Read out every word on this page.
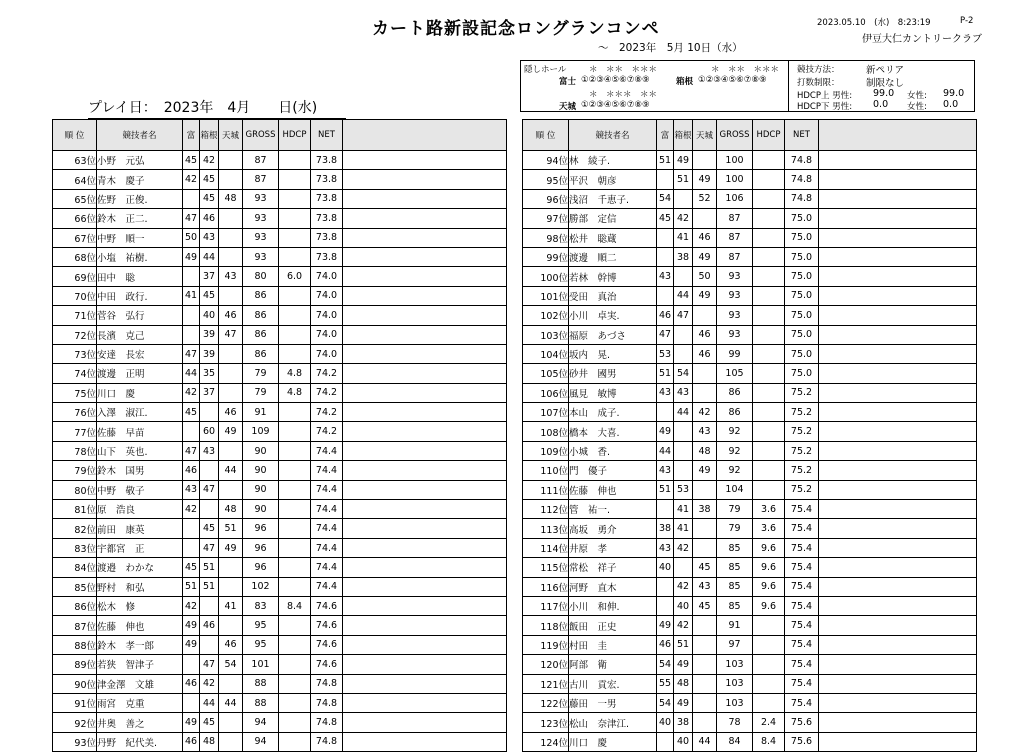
カート路新設記念ロングランコンペ
～　2023年　5月 10日（水）
2023.05.10　(水)　8:23:19	P-2
伊豆大仁カントリークラブ
プレイ日：　2023年　4月　　日(水)
隠しホール	＊　＊＊　＊＊＊	＊　＊＊　＊＊＊
富士 ①②③④⑤⑥⑦⑧⑨	箱根 ①②③④⑤⑥⑦⑧⑨
＊　＊＊＊　＊＊
天城 ①②③④⑤⑥⑦⑧⑨
競技方法：	新ペリア
打数制限：	制限なし
HDCP上 男性: 99.0 女性: 99.0
HDCP下 男性: 0.0 女性: 0.0
順 位	競技者名	富	箱根	天城	GROSS	HDCP	NET	
63位	小野　元弘	45	42		87		73.8	
64位	青木　慶子	42	45		87		73.8	
65位	佐野　正俊.		45	48	93		73.8	
66位	鈴木　正二.	47	46		93		73.8	
67位	中野　順一	50	43		93		73.8	
68位	小塩　祐樹.	49	44		93		73.8	
69位	田中　聡		37	43	80	6.0	74.0	
70位	中田　政行.	41	45		86		74.0	
71位	菅谷　弘行		40	46	86		74.0	
72位	長濱　克己		39	47	86		74.0	
73位	安達　長宏	47	39		86		74.0	
74位	渡邊　正明	44	35		79	4.8	74.2	
75位	川口　慶	42	37		79	4.8	74.2	
76位	入澤　淑江.	45		46	91		74.2	
77位	佐藤　早苗		60	49	109		74.2	
78位	山下　英也.	47	43		90		74.4	
79位	鈴木　国男	46		44	90		74.4	
80位	中野　敬子	43	47		90		74.4	
81位	原　浩良	42		48	90		74.4	
82位	前田　康英		45	51	96		74.4	
83位	宇都宮　正		47	49	96		74.4	
84位	渡邉　わかな	45	51		96		74.4	
85位	野村　和弘	51	51		102		74.4	
86位	松木　修	42		41	83	8.4	74.6	
87位	佐藤　伸也	49	46		95		74.6	
88位	鈴木　孝一郎	49		46	95		74.6	
89位	若狭　智津子		47	54	101		74.6	
90位	津金澤　文雄	46	42		88		74.8	
91位	雨宮　克重		44	44	88		74.8	
92位	井奥　善之	49	45		94		74.8	
93位	丹野　紀代美.	46	48		94		74.8	
順 位	競技者名	富	箱根	天城	GROSS	HDCP	NET	
94位	林　綾子.	51	49		100		74.8	
95位	平沢　朝彦		51	49	100		74.8	
96位	浅沼　千恵子.	54		52	106		74.8	
97位	勝部　定信	45	42		87		75.0	
98位	松井　聡蔵		41	46	87		75.0	
99位	渡邊　順二		38	49	87		75.0	
100位	若林　幹博	43		50	93		75.0	
101位	受田　真治		44	49	93		75.0	
102位	小川　卓実.	46	47		93		75.0	
103位	福原　あづさ	47		46	93		75.0	
104位	坂内　晃.	53		46	99		75.0	
105位	砂井　國男	51	54		105		75.0	
106位	風見　敏博	43	43		86		75.2	
107位	本山　成子.		44	42	86		75.2	
108位	橋本　大喜.	49		43	92		75.2	
109位	小城　香.	44		48	92		75.2	
110位	門　優子	43		49	92		75.2	
111位	佐藤　伸也	51	53		104		75.2	
112位	管　祐一.		41	38	79	3.6	75.4	
113位	高坂　勇介	38	41		79	3.6	75.4	
114位	井原　孝	43	42		85	9.6	75.4	
115位	常松　祥子	40		45	85	9.6	75.4	
116位	河野　直木		42	43	85	9.6	75.4	
117位	小川　和伸.		40	45	85	9.6	75.4	
118位	飯田　正史	49	42		91		75.4	
119位	村田　圭	46	51		97		75.4	
120位	阿部　衛	54	49		103		75.4	
121位	古川　貢宏.	55	48		103		75.4	
122位	藤田　一男	54	49		103		75.4	
123位	松山　奈津江.	40	38		78	2.4	75.6	
124位	川口　慶		40	44	84	8.4	75.6	
